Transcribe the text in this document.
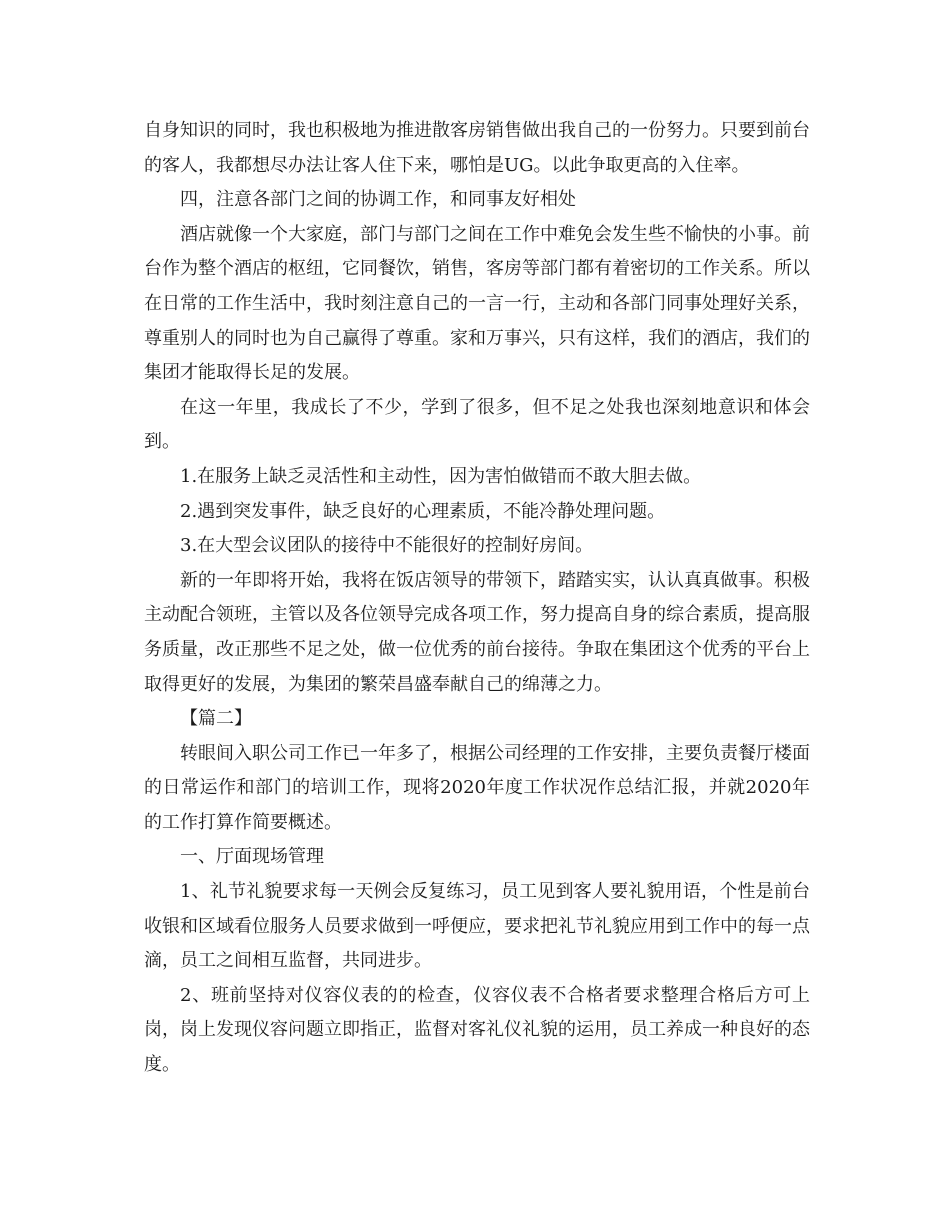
自身知识的同时，我也积极地为推进散客房销售做出我自己的一份努力。只要到前台的客人，我都想尽办法让客人住下来，哪怕是UG。以此争取更高的入住率。

四，注意各部门之间的协调工作，和同事友好相处

酒店就像一个大家庭，部门与部门之间在工作中难免会发生些不愉快的小事。前台作为整个酒店的枢纽，它同餐饮，销售，客房等部门都有着密切的工作关系。所以在日常的工作生活中，我时刻注意自己的一言一行，主动和各部门同事处理好关系，尊重别人的同时也为自己赢得了尊重。家和万事兴，只有这样，我们的酒店，我们的集团才能取得长足的发展。

在这一年里，我成长了不少，学到了很多，但不足之处我也深刻地意识和体会到。

1.在服务上缺乏灵活性和主动性，因为害怕做错而不敢大胆去做。

2.遇到突发事件，缺乏良好的心理素质，不能冷静处理问题。

3.在大型会议团队的接待中不能很好的控制好房间。

新的一年即将开始，我将在饭店领导的带领下，踏踏实实，认认真真做事。积极主动配合领班，主管以及各位领导完成各项工作，努力提高自身的综合素质，提高服务质量，改正那些不足之处，做一位优秀的前台接待。争取在集团这个优秀的平台上取得更好的发展，为集团的繁荣昌盛奉献自己的绵薄之力。

【篇二】

转眼间入职公司工作已一年多了，根据公司经理的工作安排，主要负责餐厅楼面的日常运作和部门的培训工作，现将2020年度工作状况作总结汇报，并就2020年的工作打算作简要概述。

一、厅面现场管理

1、礼节礼貌要求每一天例会反复练习，员工见到客人要礼貌用语，个性是前台收银和区域看位服务人员要求做到一呼便应，要求把礼节礼貌应用到工作中的每一点滴，员工之间相互监督，共同进步。

2、班前坚持对仪容仪表的的检查，仪容仪表不合格者要求整理合格后方可上岗，岗上发现仪容问题立即指正，监督对客礼仪礼貌的运用，员工养成一种良好的态度。
